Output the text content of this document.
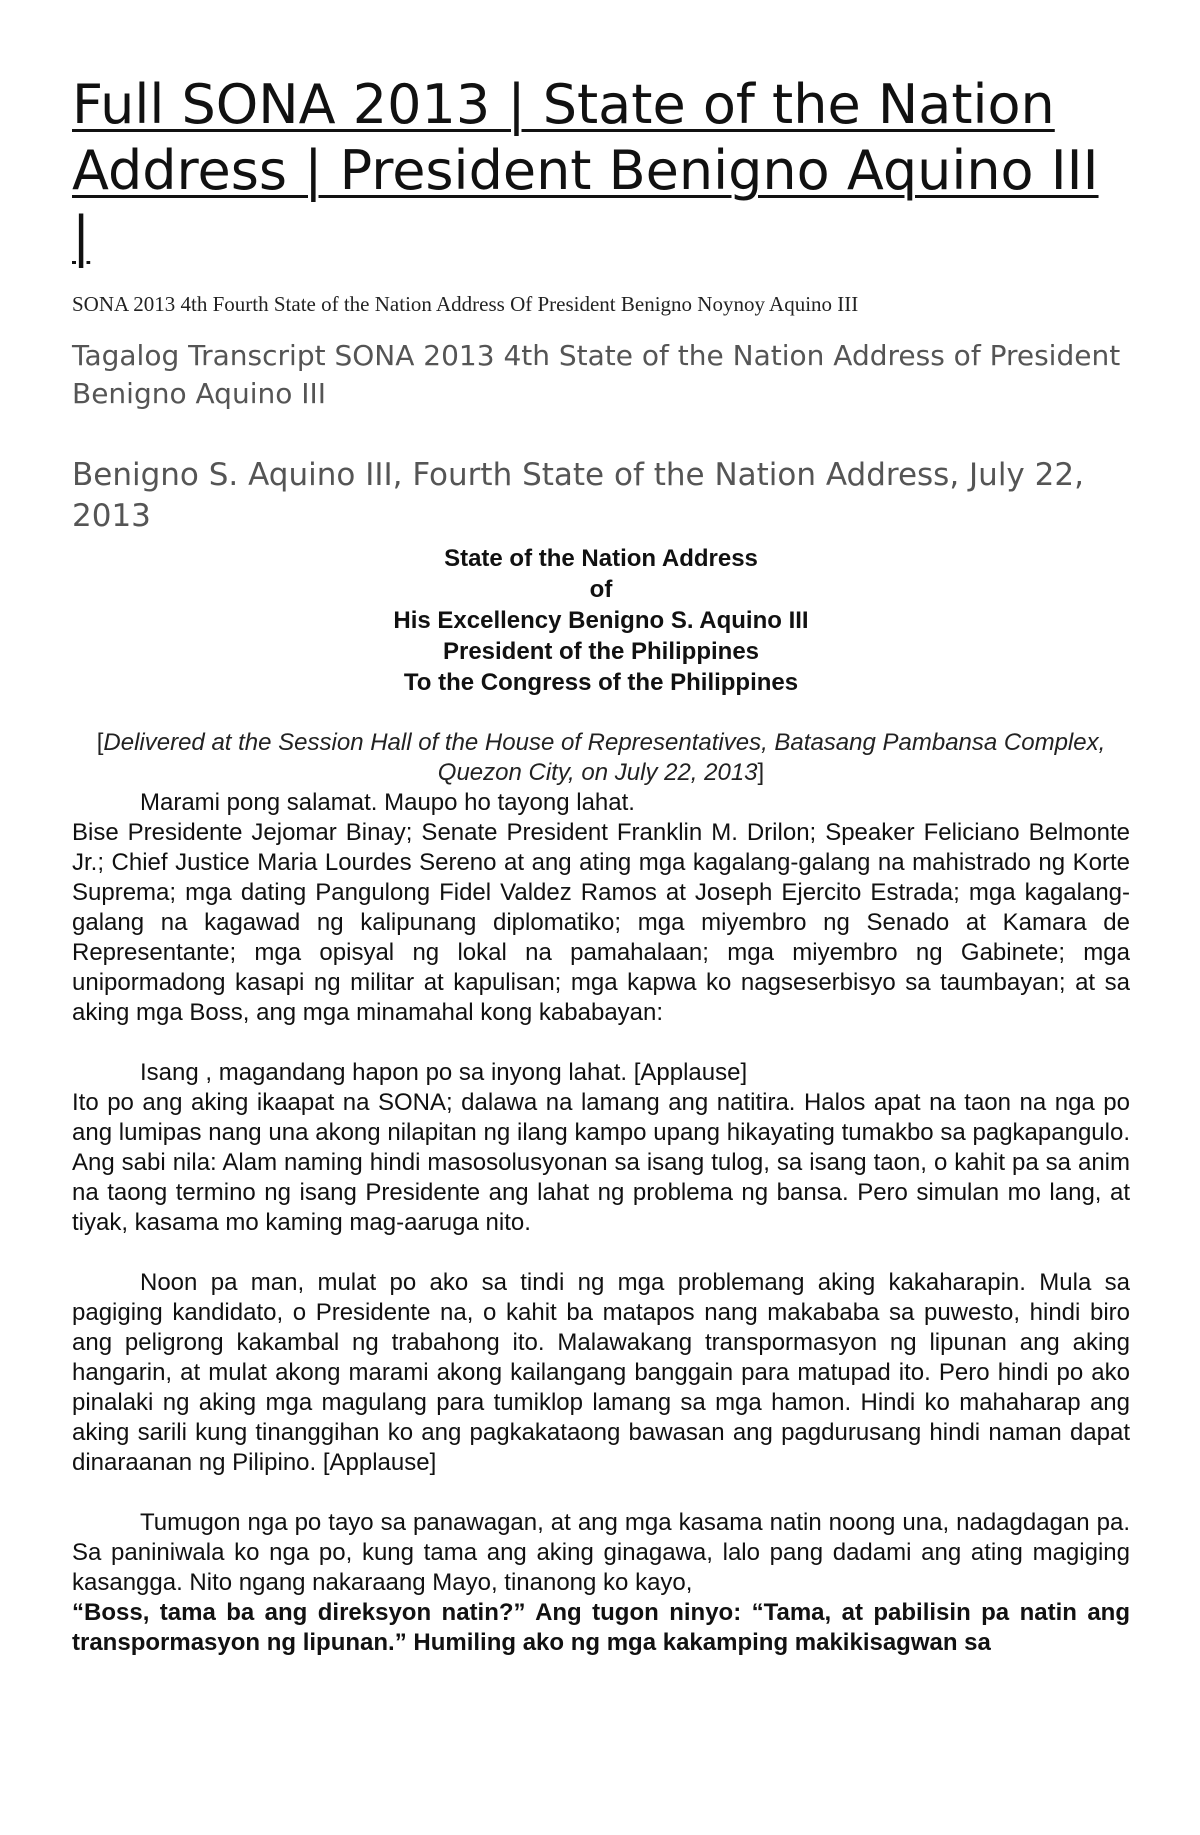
Full SONA 2013 | State of the Nation Address | President Benigno Aquino III |
SONA 2013 4th Fourth State of the Nation Address Of President Benigno Noynoy Aquino III
Tagalog Transcript SONA 2013 4th State of the Nation Address of President Benigno Aquino III
Benigno S. Aquino III, Fourth State of the Nation Address, July 22, 2013
State of the Nation Address
of
His Excellency Benigno S. Aquino III
President of the Philippines
To the Congress of the Philippines
[Delivered at the Session Hall of the House of Representatives, Batasang Pambansa Complex, Quezon City, on July 22, 2013]

Marami pong salamat. Maupo ho tayong lahat.

Bise Presidente Jejomar Binay; Senate President Franklin M. Drilon; Speaker Feliciano Belmonte Jr.; Chief Justice Maria Lourdes Sereno at ang ating mga kagalang-galang na mahistrado ng Korte Suprema; mga dating Pangulong Fidel Valdez Ramos at Joseph Ejercito Estrada; mga kagalang-galang na kagawad ng kalipunang diplomatiko; mga miyembro ng Senado at Kamara de Representante; mga opisyal ng lokal na pamahalaan; mga miyembro ng Gabinete; mga unipormadong kasapi ng militar at kapulisan; mga kapwa ko nagseserbisyo sa taumbayan; at sa aking mga Boss, ang mga minamahal kong kababayan:

Isang , magandang hapon po sa inyong lahat. [Applause]

Ito po ang aking ikaapat na SONA; dalawa na lamang ang natitira. Halos apat na taon na nga po ang lumipas nang una akong nilapitan ng ilang kampo upang hikayating tumakbo sa pagkapangulo. Ang sabi nila: Alam naming hindi masosolusyonan sa isang tulog, sa isang taon, o kahit pa sa anim na taong termino ng isang Presidente ang lahat ng problema ng bansa. Pero simulan mo lang, at tiyak, kasama mo kaming mag-aaruga nito.

Noon pa man, mulat po ako sa tindi ng mga problemang aking kakaharapin. Mula sa pagiging kandidato, o Presidente na, o kahit ba matapos nang makababa sa puwesto, hindi biro ang peligrong kakambal ng trabahong ito. Malawakang transpormasyon ng lipunan ang aking hangarin, at mulat akong marami akong kailangang banggain para matupad ito. Pero hindi po ako pinalaki ng aking mga magulang para tumiklop lamang sa mga hamon. Hindi ko mahaharap ang aking sarili kung tinanggihan ko ang pagkakataong bawasan ang pagdurusang hindi naman dapat dinaraanan ng Pilipino. [Applause]

Tumugon nga po tayo sa panawagan, at ang mga kasama natin noong una, nadagdagan pa. Sa paniniwala ko nga po, kung tama ang aking ginagawa, lalo pang dadami ang ating magiging kasangga. Nito ngang nakaraang Mayo, tinanong ko kayo,

“Boss, tama ba ang direksyon natin?” Ang tugon ninyo: “Tama, at pabilisin pa natin ang transpormasyon ng lipunan.” Humiling ako ng mga kakamping makikisagwan sa
